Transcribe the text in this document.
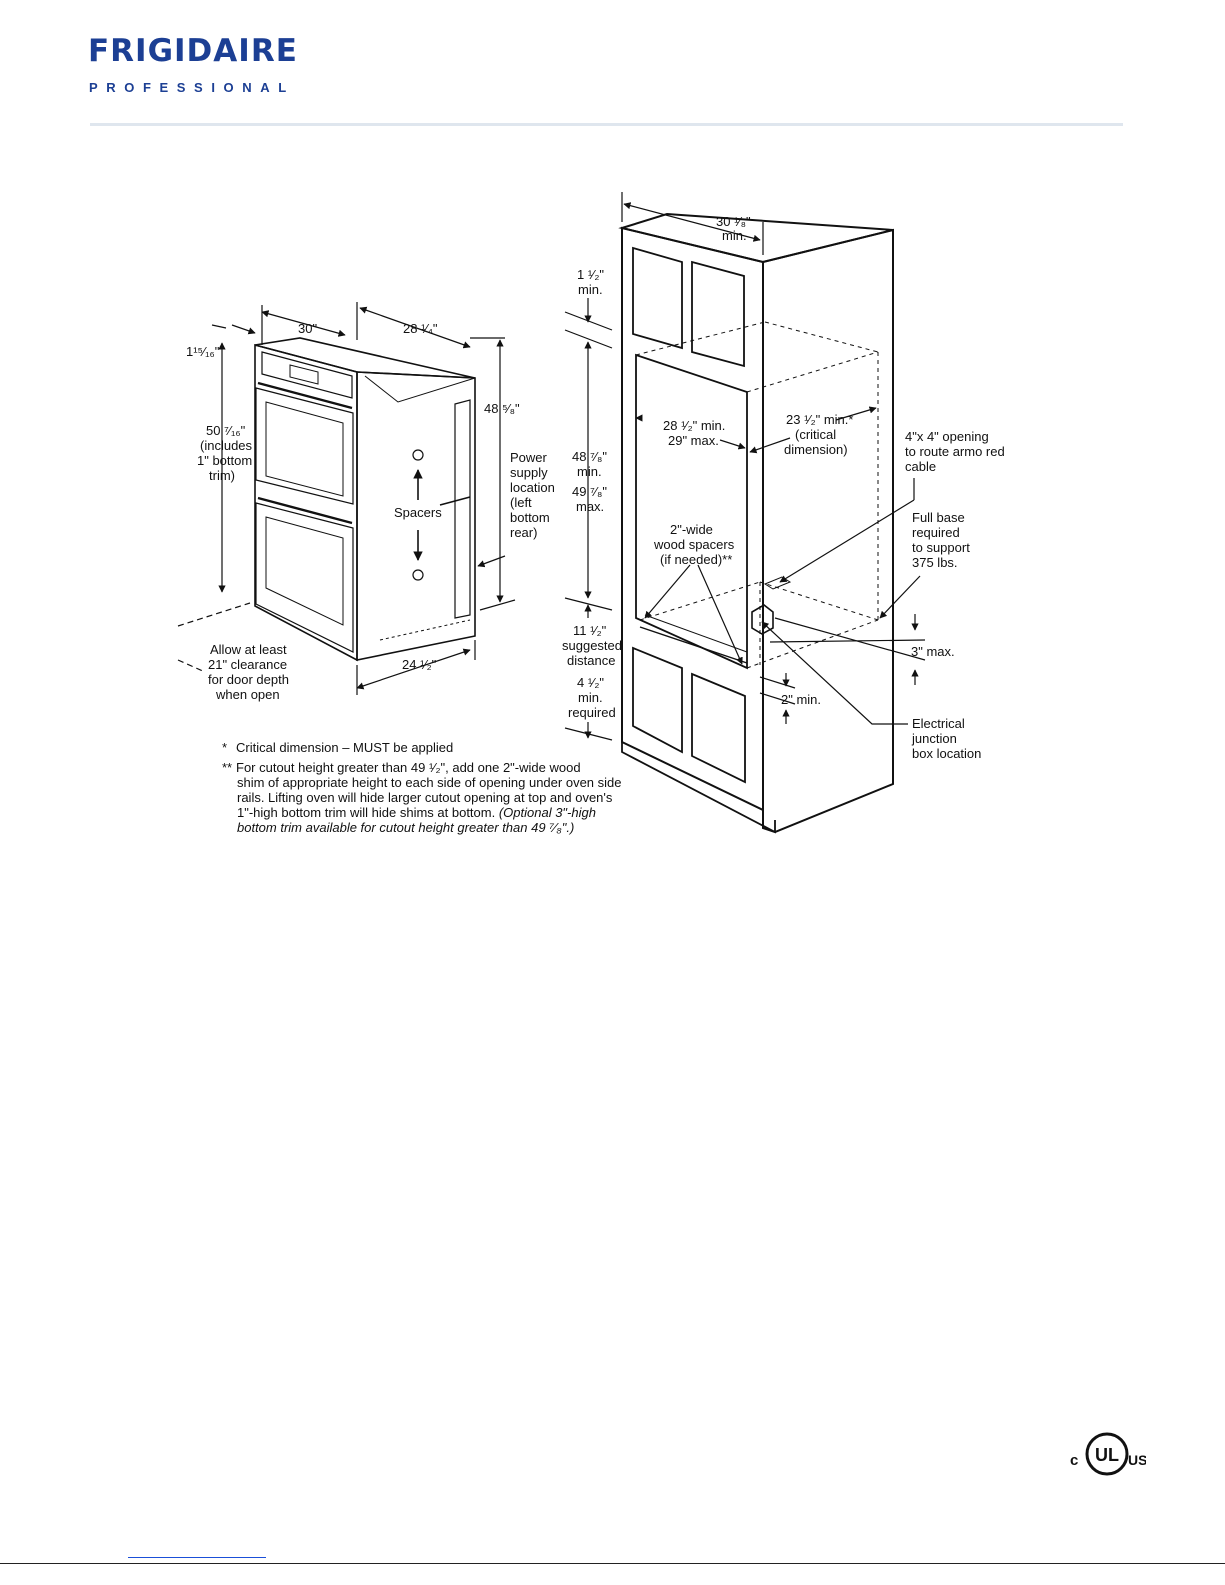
FRIGIDAIRE
PROFESSIONAL
1¹⁵⁄₁₆"
30"	28 ¹⁄₄"
50 ⁷⁄₁₆"
(includes
1" bottom
trim)
48 ⁵⁄₈"
Spacers
Power
supply
location
(left
bottom
rear)
24 ¹⁄₂"
Allow at least
21" clearance
for door depth
when open
30 ¹⁄₈"
min.
1 ¹⁄₂"
min.
48 ⁷⁄₈"
min.
49 ⁷⁄₈"
max.
28 ¹⁄₂" min.
29" max.
23 ¹⁄₂" min.*
(critical
dimension)
4"x 4" opening
to route armo red
cable
2"-wide
wood spacers
(if needed)**
Full base
required
to support
375 lbs.
11 ¹⁄₂"
suggested
distance
4 ¹⁄₂"
min.
required
3" max.
2" min.
Electrical
junction
box location

* Critical dimension – MUST be applied

** For cutout height greater than 49 ¹⁄₂", add one 2"-wide wood

shim of appropriate height to each side of opening under oven side

rails. Lifting oven will hide larger cutout opening at top and oven's

1"-high bottom trim will hide shims at bottom. (Optional 3"-high

bottom trim available for cutout height greater than 49 ⁷⁄₈".)

c UL US
